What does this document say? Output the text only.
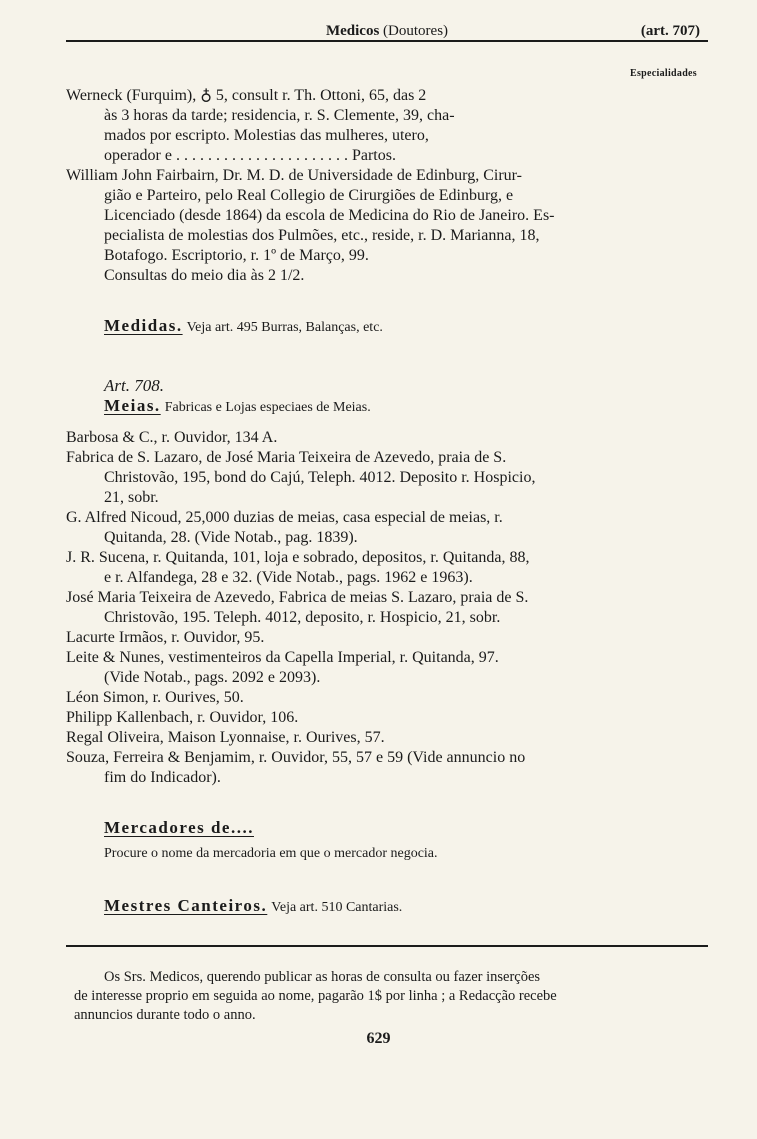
Medicos (Doutores)	(art. 707)
Especialidades
Werneck (Furquim), ♁ 5, consult r. Th. Ottoni, 65, das 2
às 3 horas da tarde; residencia, r. S. Clemente, 39, cha-
mados por escripto. Molestias das mulheres, utero,
operador e . . . . . . . . . . . . . . . . . . . . . . Partos.
William John Fairbairn, Dr. M. D. de Universidade de Edinburg, Cirur-
gião e Parteiro, pelo Real Collegio de Cirurgiões de Edinburg, e
Licenciado (desde 1864) da escola de Medicina do Rio de Janeiro. Es-
pecialista de molestias dos Pulmões, etc., reside, r. D. Marianna, 18,
Botafogo. Escriptorio, r. 1º de Março, 99.
Consultas do meio dia às 2 1/2.
Medidas. Veja art. 495 Burras, Balanças, etc.
Art. 708.
Meias. Fabricas e Lojas especiaes de Meias.
Barbosa & C., r. Ouvidor, 134 A.
Fabrica de S. Lazaro, de José Maria Teixeira de Azevedo, praia de S.
Christovão, 195, bond do Cajú, Teleph. 4012. Deposito r. Hospicio,
21, sobr.
G. Alfred Nicoud, 25,000 duzias de meias, casa especial de meias, r.
Quitanda, 28. (Vide Notab., pag. 1839).
J. R. Sucena, r. Quitanda, 101, loja e sobrado, depositos, r. Quitanda, 88,
e r. Alfandega, 28 e 32. (Vide Notab., pags. 1962 e 1963).
José Maria Teixeira de Azevedo, Fabrica de meias S. Lazaro, praia de S.
Christovão, 195. Teleph. 4012, deposito, r. Hospicio, 21, sobr.
Lacurte Irmãos, r. Ouvidor, 95.
Leite & Nunes, vestimenteiros da Capella Imperial, r. Quitanda, 97.
(Vide Notab., pags. 2092 e 2093).
Léon Simon, r. Ourives, 50.
Philipp Kallenbach, r. Ouvidor, 106.
Regal Oliveira, Maison Lyonnaise, r. Ourives, 57.
Souza, Ferreira & Benjamim, r. Ouvidor, 55, 57 e 59 (Vide annuncio no
fim do Indicador).
Mercadores de....
Procure o nome da mercadoria em que o mercador negocia.
Mestres Canteiros. Veja art. 510 Cantarias.
Os Srs. Medicos, querendo publicar as horas de consulta ou fazer inserções
de interesse proprio em seguida ao nome, pagarão 1$ por linha ; a Redacção recebe
annuncios durante todo o anno.
629
